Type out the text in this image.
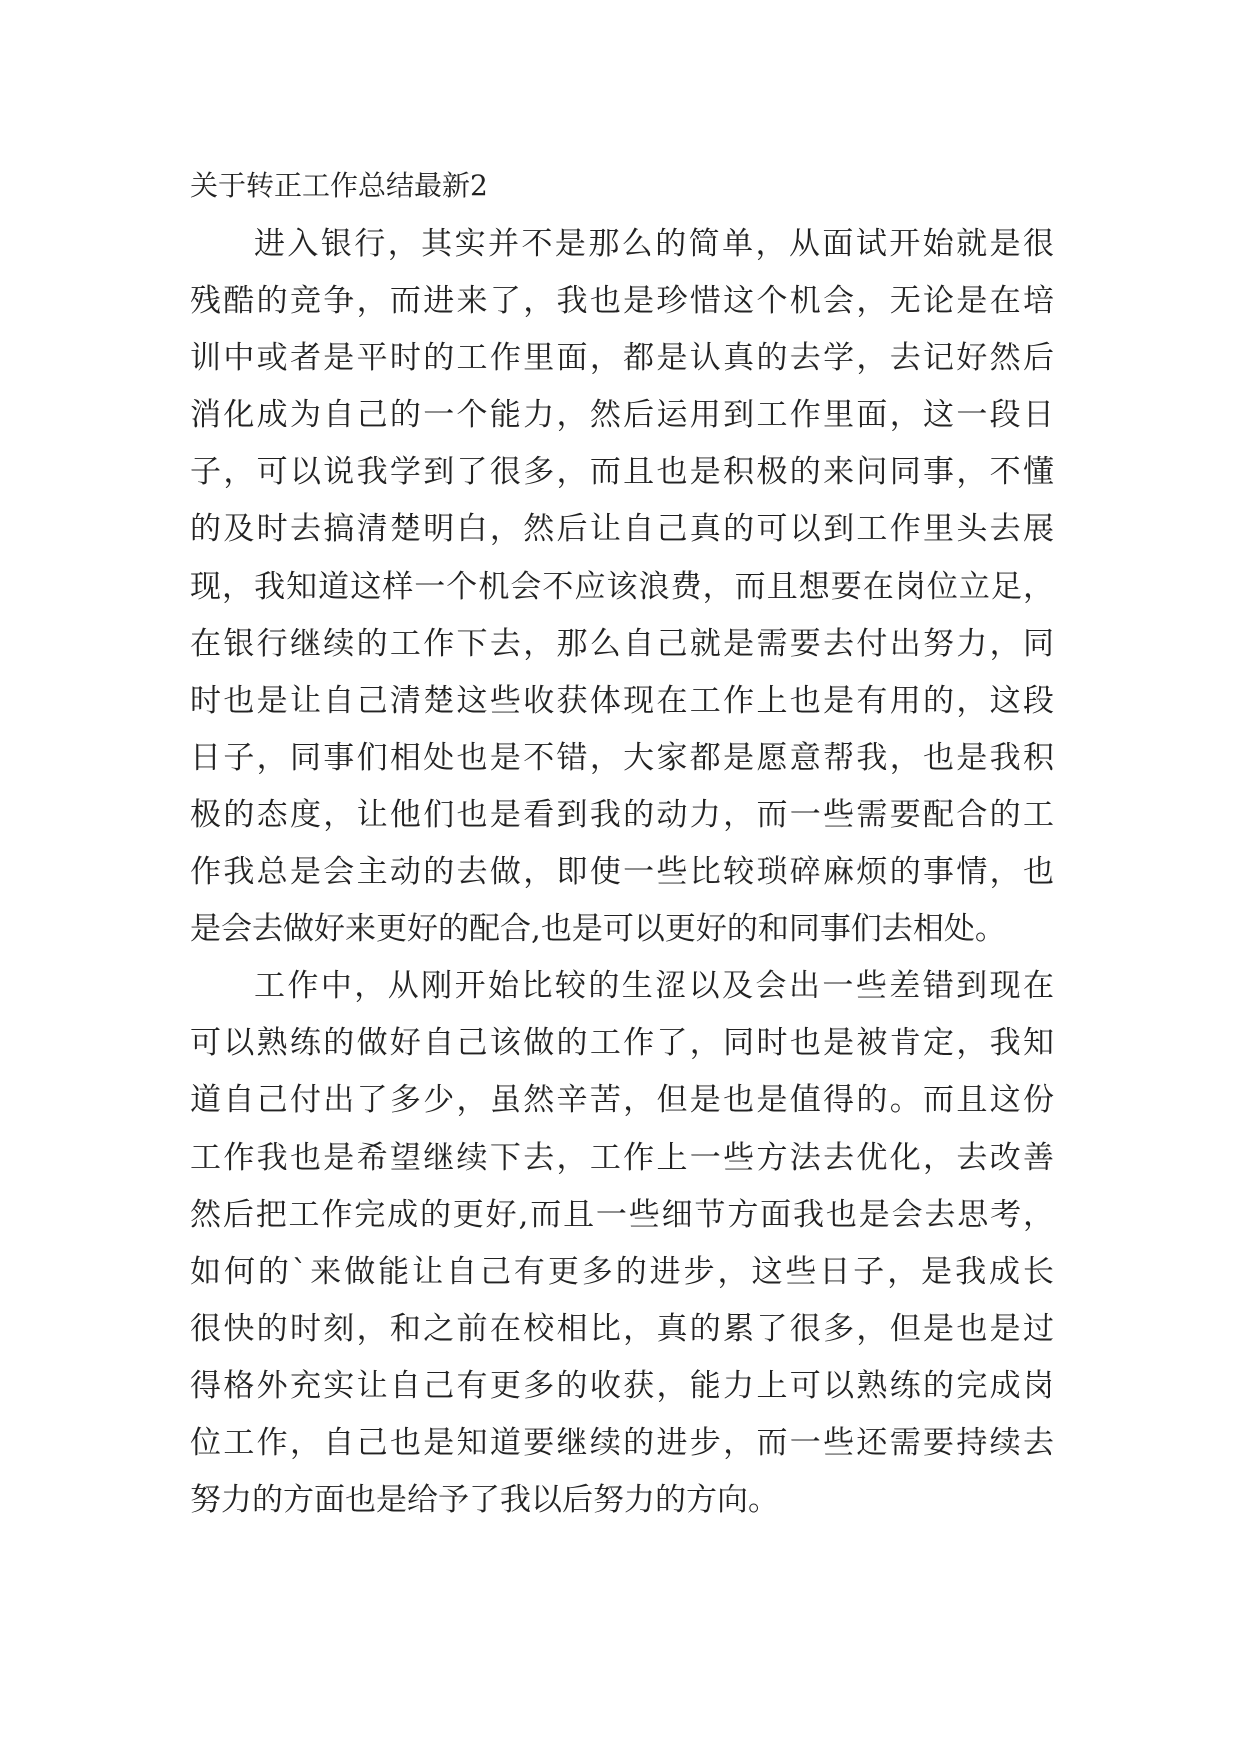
关于转正工作总结最新2
进入银行，其实并不是那么的简单，从面试开始就是很
残酷的竞争，而进来了，我也是珍惜这个机会，无论是在培
训中或者是平时的工作里面，都是认真的去学，去记好然后
消化成为自己的一个能力，然后运用到工作里面，这一段日
子，可以说我学到了很多，而且也是积极的来问同事，不懂
的及时去搞清楚明白，然后让自己真的可以到工作里头去展
现，我知道这样一个机会不应该浪费，而且想要在岗位立足，
在银行继续的工作下去，那么自己就是需要去付出努力，同
时也是让自己清楚这些收获体现在工作上也是有用的，这段
日子，同事们相处也是不错，大家都是愿意帮我，也是我积
极的态度，让他们也是看到我的动力，而一些需要配合的工
作我总是会主动的去做，即使一些比较琐碎麻烦的事情，也
是会去做好来更好的配合,也是可以更好的和同事们去相处。
工作中，从刚开始比较的生涩以及会出一些差错到现在
可以熟练的做好自己该做的工作了，同时也是被肯定，我知
道自己付出了多少，虽然辛苦，但是也是值得的。而且这份
工作我也是希望继续下去，工作上一些方法去优化，去改善
然后把工作完成的更好,而且一些细节方面我也是会去思考，
如何的`来做能让自己有更多的进步，这些日子，是我成长
很快的时刻，和之前在校相比，真的累了很多，但是也是过
得格外充实让自己有更多的收获，能力上可以熟练的完成岗
位工作，自己也是知道要继续的进步，而一些还需要持续去
努力的方面也是给予了我以后努力的方向。
